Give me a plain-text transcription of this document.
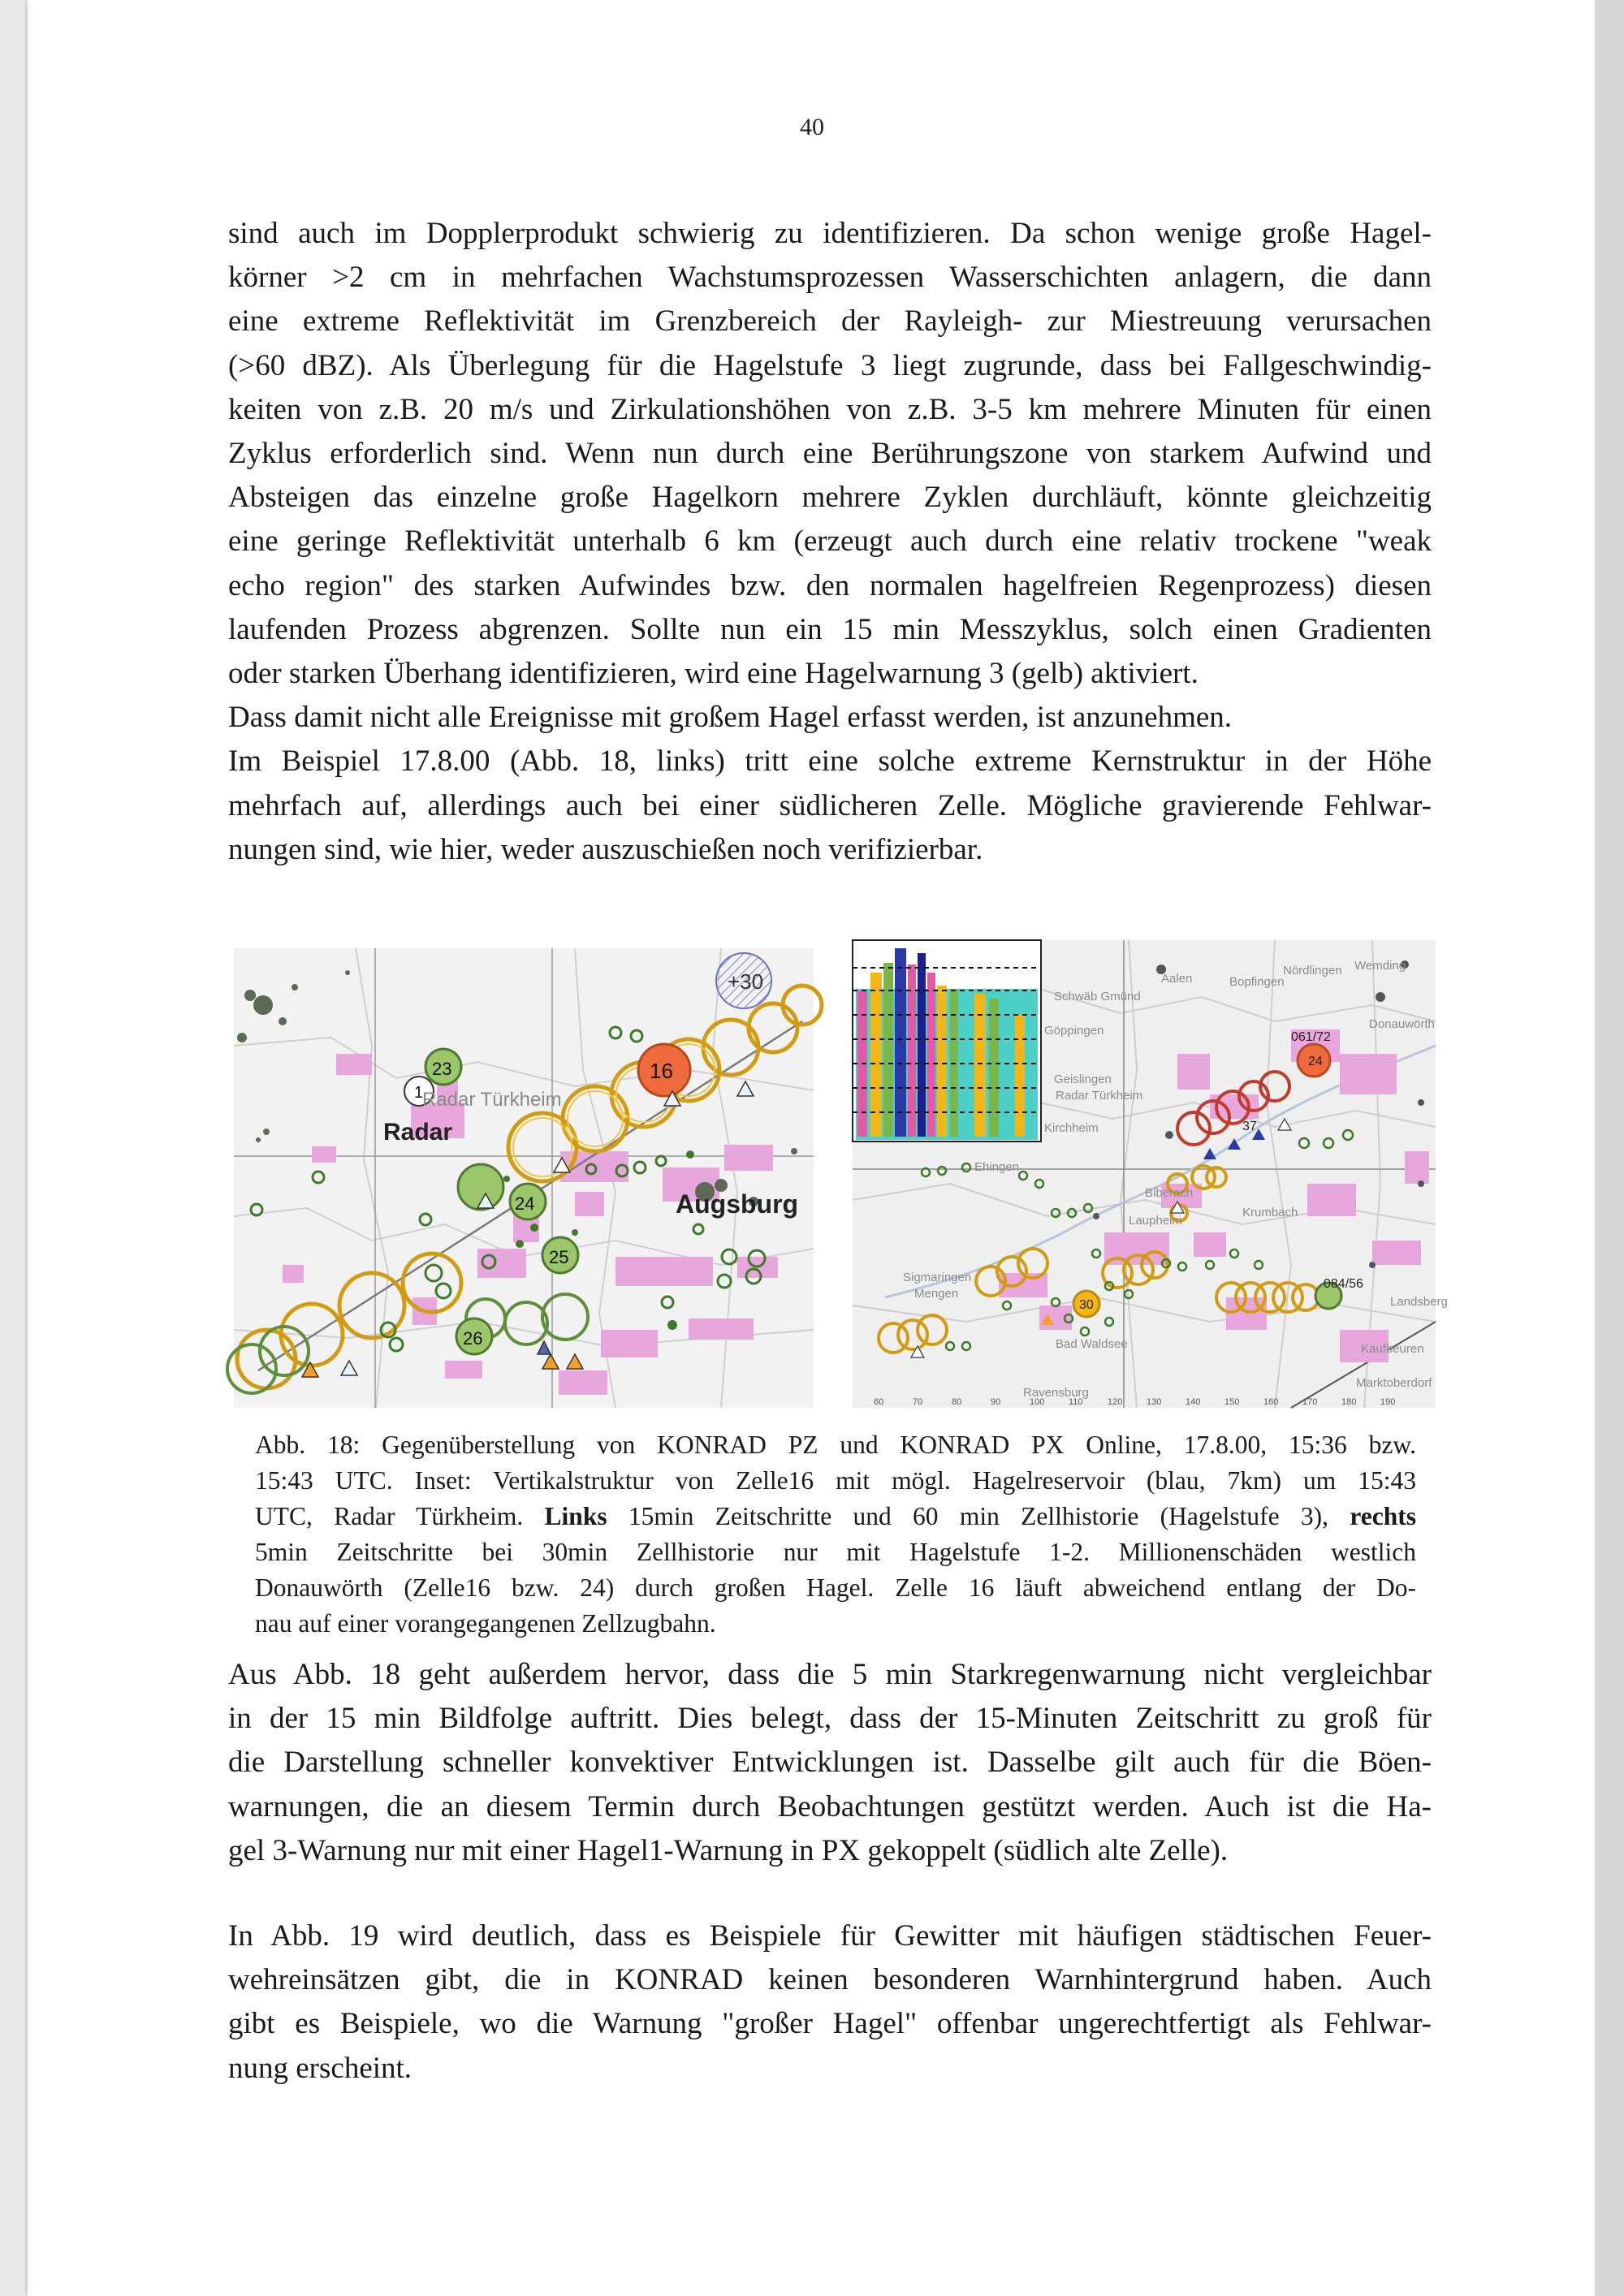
40
sind auch im Dopplerprodukt schwierig zu identifizieren. Da schon wenige große Hagel-
körner >2 cm in mehrfachen Wachstumsprozessen Wasserschichten anlagern, die dann
eine extreme Reflektivität im Grenzbereich der Rayleigh- zur Miestreuung verursachen
(>60 dBZ). Als Überlegung für die Hagelstufe 3 liegt zugrunde, dass bei Fallgeschwindig-
keiten von z.B. 20 m/s und Zirkulationshöhen von z.B. 3-5 km mehrere Minuten für einen
Zyklus erforderlich sind. Wenn nun durch eine Berührungszone von starkem Aufwind und
Absteigen das einzelne große Hagelkorn mehrere Zyklen durchläuft, könnte gleichzeitig
eine geringe Reflektivität unterhalb 6 km (erzeugt auch durch eine relativ trockene "weak
echo region" des starken Aufwindes bzw. den normalen hagelfreien Regenprozess) diesen
laufenden Prozess abgrenzen. Sollte nun ein 15 min Messzyklus, solch einen Gradienten
oder starken Überhang identifizieren, wird eine Hagelwarnung 3 (gelb) aktiviert.
Dass damit nicht alle Ereignisse mit großem Hagel erfasst werden, ist anzunehmen.
Im Beispiel 17.8.00 (Abb. 18, links) tritt eine solche extreme Kernstruktur in der Höhe
mehrfach auf, allerdings auch bei einer südlicheren Zelle. Mögliche gravierende Fehlwar-
nungen sind, wie hier, weder auszuschießen noch verifizierbar.
Radar
Radar Türkheim
Augsburg
+30
16
23
24
25
26
1
Nördlingen Wemding
Aalen	Bopfingen
Schwäb Gmünd
Donauwörth
Göppingen
Geislingen
Radar Türkheim
Kirchheim
Ehingen
Laupheim
Krumbach
Biberach
Sigmaringen
Mengen
Bad Waldsee
Ravensburg
Kaufbeuren
Marktoberdorf
Landsberg
24
30
061/72
084/56
37
60	70	80	90	100	110	120	130	140	150	160	170	180	190
Abb. 18: Gegenüberstellung von KONRAD PZ und KONRAD PX Online, 17.8.00, 15:36 bzw.
15:43 UTC. Inset: Vertikalstruktur von Zelle16 mit mögl. Hagelreservoir (blau, 7km) um 15:43
UTC, Radar Türkheim. Links 15min Zeitschritte und 60 min Zellhistorie (Hagelstufe 3), rechts
5min Zeitschritte bei 30min Zellhistorie nur mit Hagelstufe 1-2. Millionenschäden westlich
Donauwörth (Zelle16 bzw. 24) durch großen Hagel. Zelle 16 läuft abweichend entlang der Do-
nau auf einer vorangegangenen Zellzugbahn.
Aus Abb. 18 geht außerdem hervor, dass die 5 min Starkregenwarnung nicht vergleichbar
in der 15 min Bildfolge auftritt. Dies belegt, dass der 15-Minuten Zeitschritt zu groß für
die Darstellung schneller konvektiver Entwicklungen ist. Dasselbe gilt auch für die Böen-
warnungen, die an diesem Termin durch Beobachtungen gestützt werden. Auch ist die Ha-
gel 3-Warnung nur mit einer Hagel1-Warnung in PX gekoppelt (südlich alte Zelle).
In Abb. 19 wird deutlich, dass es Beispiele für Gewitter mit häufigen städtischen Feuer-
wehreinsätzen gibt, die in KONRAD keinen besonderen Warnhintergrund haben. Auch
gibt es Beispiele, wo die Warnung "großer Hagel" offenbar ungerechtfertigt als Fehlwar-
nung erscheint.
